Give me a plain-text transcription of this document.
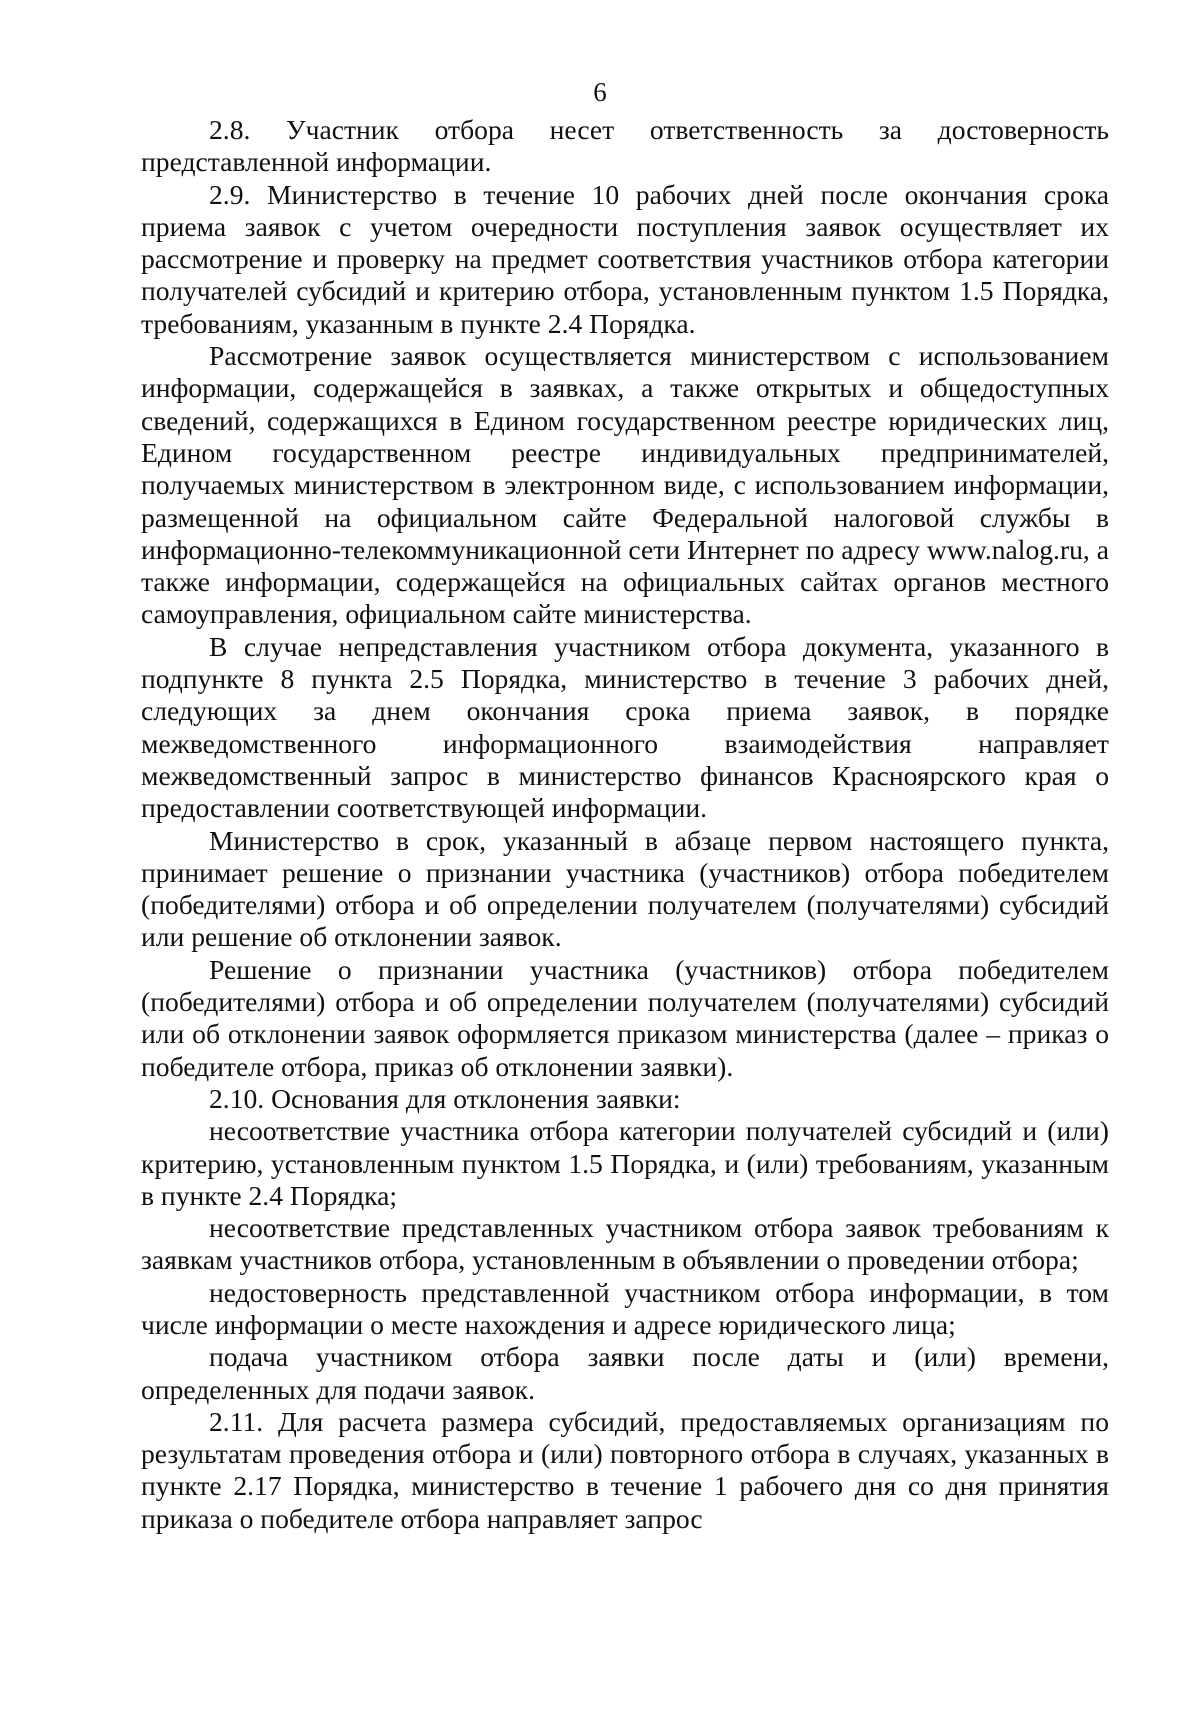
6

2.8. Участник отбора несет ответственность за достоверность представленной информации.

2.9. Министерство в течение 10 рабочих дней после окончания срока приема заявок с учетом очередности поступления заявок осуществляет их рассмотрение и проверку на предмет соответствия участников отбора категории получателей субсидий и критерию отбора, установленным пунктом 1.5 Порядка, требованиям, указанным в пункте 2.4 Порядка.

Рассмотрение заявок осуществляется министерством с использованием информации, содержащейся в заявках, а также открытых и общедоступных сведений, содержащихся в Едином государственном реестре юридических лиц, Едином государственном реестре индивидуальных предпринимателей, получаемых министерством в электронном виде, с использованием информации, размещенной на официальном сайте Федеральной налоговой службы в информационно-телекоммуникационной сети Интернет по адресу www.nalog.ru, а также информации, содержащейся на официальных сайтах органов местного самоуправления, официальном сайте министерства.

В случае непредставления участником отбора документа, указанного в подпункте 8 пункта 2.5 Порядка, министерство в течение 3 рабочих дней, следующих за днем окончания срока приема заявок, в порядке межведомственного информационного взаимодействия направляет межведомственный запрос в министерство финансов Красноярского края о предоставлении соответствующей информации.

Министерство в срок, указанный в абзаце первом настоящего пункта, принимает решение о признании участника (участников) отбора победителем (победителями) отбора и об определении получателем (получателями) субсидий или решение об отклонении заявок.

Решение о признании участника (участников) отбора победителем (победителями) отбора и об определении получателем (получателями) субсидий или об отклонении заявок оформляется приказом министерства (далее – приказ о победителе отбора, приказ об отклонении заявки).

2.10. Основания для отклонения заявки:

несоответствие участника отбора категории получателей субсидий и (или) критерию, установленным пунктом 1.5 Порядка, и (или) требованиям, указанным в пункте 2.4 Порядка;

несоответствие представленных участником отбора заявок требованиям к заявкам участников отбора, установленным в объявлении о проведении отбора;

недостоверность представленной участником отбора информации, в том числе информации о месте нахождения и адресе юридического лица;

подача участником отбора заявки после даты и (или) времени, определенных для подачи заявок.

2.11. Для расчета размера субсидий, предоставляемых организациям по результатам проведения отбора и (или) повторного отбора в случаях, указанных в пункте 2.17 Порядка, министерство в течение 1 рабочего дня со дня принятия приказа о победителе отбора направляет запрос
